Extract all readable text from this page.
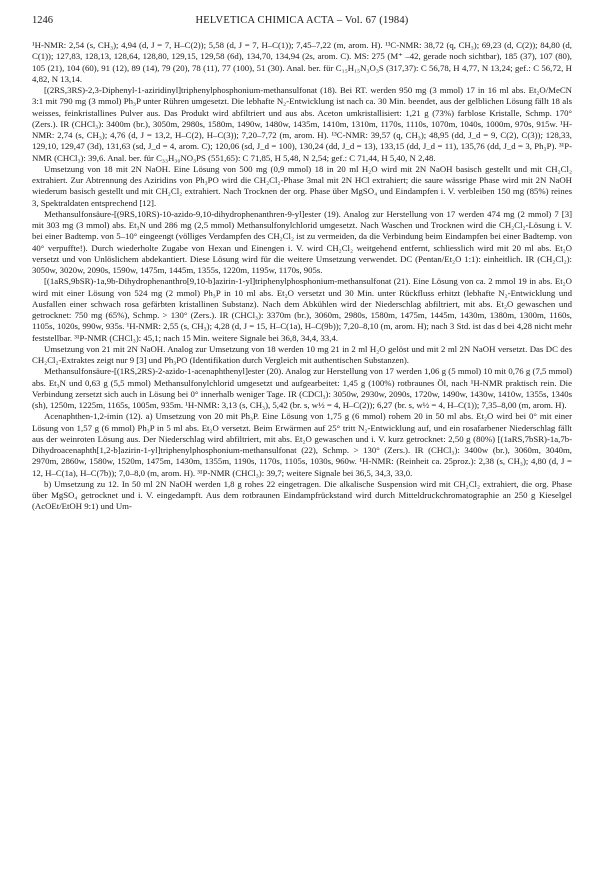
1246	HELVETICA CHIMICA ACTA – Vol. 67 (1984)

¹H-NMR: 2,54 (s, CH₃); 4,94 (d, J = 7, H–C(2)); 5,58 (d, J = 7, H–C(1)); 7,45–7,22 (m, arom. H). ¹³C-NMR: 38,72 (q, CH₃); 69,23 (d, C(2)); 84,80 (d, C(1)); 127,83, 128,13, 128,64, 128,80, 129,15, 129,58 (6d), 134,70, 134,94 (2s, arom. C). MS: 275 (M⁺ –42, gerade noch sichtbar), 185 (37), 107 (80), 105 (21), 104 (60), 91 (12), 89 (14), 79 (20), 78 (11), 77 (100), 51 (30). Anal. ber. für C₁₅H₁₅N₃O₃S (317,37): C 56,78, H 4,77, N 13,24; gef.: C 56,72, H 4,82, N 13,14.

[(2RS,3RS)-2,3-Diphenyl-1-aziridinyl]triphenylphosphonium-methansulfonat (18). Bei RT. werden 950 mg (3 mmol) 17 in 16 ml abs. Et₂O/MeCN 3:1 mit 790 mg (3 mmol) Ph₃P unter Rühren umgesetzt. Die lebhafte N₂-Entwicklung ist nach ca. 30 Min. beendet, aus der gelblichen Lösung fällt 18 als weisses, feinkristallines Pulver aus. Das Produkt wird abfiltriert und aus abs. Aceton umkristallisiert: 1,21 g (73%) farblose Kristalle, Schmp. 170° (Zers.). IR (CHCl₃): 3400m (br.), 3050m, 2980s, 1580m, 1490w, 1480w, 1435m, 1410m, 1310m, 1170s, 1110s, 1070m, 1040s, 1000m, 970s, 915w. ¹H-NMR: 2,74 (s, CH₃); 4,76 (d, J = 13,2, H–C(2), H–C(3)); 7,20–7,72 (m, arom. H). ¹³C-NMR: 39,57 (q, CH₃); 48,95 (dd, J_d = 9, C(2), C(3)); 128,33, 129,10, 129,47 (3d), 131,63 (sd, J_d = 4, arom. C); 120,06 (sd, J_d = 100), 130,24 (dd, J_d = 13), 133,15 (dd, J_d = 11), 135,76 (dd, J_d = 3, Ph₃P). ³¹P-NMR (CHCl₃): 39,6. Anal. ber. für C₃₃H₃₀NO₃PS (551,65): C 71,85, H 5,48, N 2,54; gef.: C 71,44, H 5,40, N 2,48.

Umsetzung von 18 mit 2N NaOH. Eine Lösung von 500 mg (0,9 mmol) 18 in 20 ml H₂O wird mit 2N NaOH basisch gestellt und mit CH₂Cl₂ extrahiert. Zur Abtrennung des Aziridins von Ph₃PO wird die CH₂Cl₂-Phase 3mal mit 2N HCl extrahiert; die saure wässrige Phase wird mit 2N NaOH wiederum basisch gestellt und mit CH₂Cl₂ extrahiert. Nach Trocknen der org. Phase über MgSO₄ und Eindampfen i. V. verbleiben 150 mg (85%) reines 3, Spektraldaten entsprechend [12].

Methansulfonsäure-[(9RS,10RS)-10-azido-9,10-dihydrophenanthren-9-yl]ester (19). Analog zur Herstellung von 17 werden 474 mg (2 mmol) 7 [3] mit 303 mg (3 mmol) abs. Et₃N und 286 mg (2,5 mmol) Methansulfonylchlorid umgesetzt. Nach Waschen und Trocknen wird die CH₂Cl₂-Lösung i. V. bei einer Badtemp. von 5–10° eingeengt (völliges Verdampfen des CH₂Cl₂ ist zu vermeiden, da die Verbindung beim Eindampfen bei einer Badtemp. von 40° verpuffte!). Durch wiederholte Zugabe von Hexan und Einengen i. V. wird CH₂Cl₂ weitgehend entfernt, schliesslich wird mit 20 ml abs. Et₂O versetzt und von Unlöslichem abdekantiert. Diese Lösung wird für die weitere Umsetzung verwendet. DC (Pentan/Et₂O 1:1): einheitlich. IR (CH₂Cl₂): 3050w, 3020w, 2090s, 1590w, 1475m, 1445m, 1355s, 1220m, 1195w, 1170s, 905s.

[(1aRS,9bSR)-1a,9b-Dihydrophenanthro[9,10-b]azirin-1-yl]triphenylphosphonium-methansulfonat (21). Eine Lösung von ca. 2 mmol 19 in abs. Et₂O wird mit einer Lösung von 524 mg (2 mmol) Ph₃P in 10 ml abs. Et₂O versetzt und 30 Min. unter Rückfluss erhitzt (lebhafte N₂-Entwicklung und Ausfallen einer schwach rosa gefärbten kristallinen Substanz). Nach dem Abkühlen wird der Niederschlag abfiltriert, mit abs. Et₂O gewaschen und getrocknet: 750 mg (65%), Schmp. > 130° (Zers.). IR (CHCl₃): 3370m (br.), 3060m, 2980s, 1580m, 1475m, 1445m, 1430m, 1380m, 1300m, 1160s, 1105s, 1020s, 990w, 935s. ¹H-NMR: 2,55 (s, CH₃); 4,28 (d, J = 15, H–C(1a), H–C(9b)); 7,20–8,10 (m, arom. H); nach 3 Std. ist das d bei 4,28 nicht mehr feststellbar. ³¹P-NMR (CHCl₃): 45,1; nach 15 Min. weitere Signale bei 36,8, 34,4, 33,4.

Umsetzung von 21 mit 2N NaOH. Analog zur Umsetzung von 18 werden 10 mg 21 in 2 ml H₂O gelöst und mit 2 ml 2N NaOH versetzt. Das DC des CH₂Cl₂-Extraktes zeigt nur 9 [3] und Ph₃PO (Identifikation durch Vergleich mit authentischen Substanzen).

Methansulfonsäure-[(1RS,2RS)-2-azido-1-acenaphthenyl]ester (20). Analog zur Herstellung von 17 werden 1,06 g (5 mmol) 10 mit 0,76 g (7,5 mmol) abs. Et₃N und 0,63 g (5,5 mmol) Methansulfonylchlorid umgesetzt und aufgearbeitet: 1,45 g (100%) rotbraunes Öl, nach ¹H-NMR praktisch rein. Die Verbindung zersetzt sich auch in Lösung bei 0° innerhalb weniger Tage. IR (CDCl₃): 3050w, 2930w, 2090s, 1720w, 1490w, 1430w, 1410w, 1355s, 1340s (sh), 1250m, 1225m, 1165s, 1005m, 935m. ¹H-NMR: 3,13 (s, CH₃), 5,42 (br. s, w½ = 4, H–C(2)); 6,27 (br. s, w½ = 4, H–C(1)); 7,35–8,00 (m, arom. H).

Acenaphthen-1,2-imin (12). a) Umsetzung von 20 mit Ph₃P. Eine Lösung von 1,75 g (6 mmol) rohem 20 in 50 ml abs. Et₂O wird bei 0° mit einer Lösung von 1,57 g (6 mmol) Ph₃P in 5 ml abs. Et₂O versetzt. Beim Erwärmen auf 25° tritt N₂-Entwicklung auf, und ein rosafarbener Niederschlag fällt aus der weinroten Lösung aus. Der Niederschlag wird abfiltriert, mit abs. Et₂O gewaschen und i. V. kurz getrocknet: 2,50 g (80%) [(1aRS,7bSR)-1a,7b-Dihydroacenaphth[1,2-b]azirin-1-yl]triphenylphosphonium-methansulfonat (22), Schmp. > 130° (Zers.). IR (CHCl₃): 3400w (br.), 3060m, 3040m, 2970m, 2860w, 1580w, 1520m, 1475m, 1430m, 1355m, 1190s, 1170s, 1105s, 1030s, 960w. ¹H-NMR: (Reinheit ca. 25proz.): 2,38 (s, CH₃); 4,80 (d, J = 12, H–C(1a), H–C(7b)); 7,0–8,0 (m, arom. H). ³¹P-NMR (CHCl₃): 39,7; weitere Signale bei 36,5, 34,3, 33,0.

b) Umsetzung zu 12. In 50 ml 2N NaOH werden 1,8 g rohes 22 eingetragen. Die alkalische Suspension wird mit CH₂Cl₂ extrahiert, die org. Phase über MgSO₄ getrocknet und i. V. eingedampft. Aus dem rotbraunen Eindampfrückstand wird durch Mitteldruckchromatographie an 250 g Kieselgel (AcOEt/EtOH 9:1) und Um-
